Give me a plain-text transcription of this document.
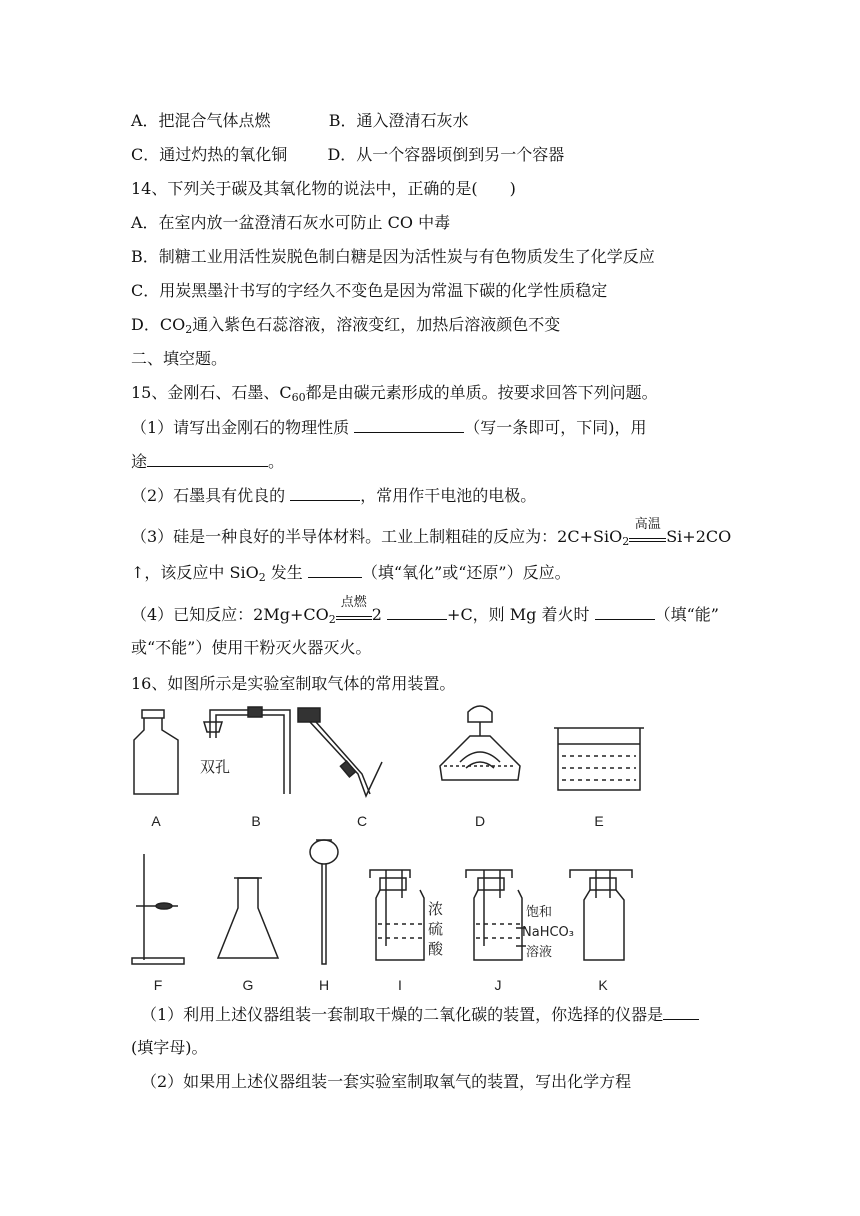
A．把混合气体点燃	B．通入澄清石灰水
C．通过灼热的氧化铜	D．从一个容器顷倒到另一个容器
14、下列关于碳及其氧化物的说法中，正确的是(　　)
A．在室内放一盆澄清石灰水可防止 CO 中毒
B．制糖工业用活性炭脱色制白糖是因为活性炭与有色物质发生了化学反应
C．用炭黑墨汁书写的字经久不变色是因为常温下碳的化学性质稳定
D．$CO_2$通入紫色石蕊溶液，溶液变红，加热后溶液颜色不变
二、填空题。
15、金刚石、石墨、$C_{60}$都是由碳元素形成的单质。按要求回答下列问题。
（1）请写出金刚石的物理性质	（写一条即可，下同)，用
途	。
（2）石墨具有优良的	，常用作干电池的电极。
（3）硅是一种良好的半导体材料。工业上制粗硅的反应为：2C+SiO$_2$
高温
Si+2CO
↑，该反应中 SiO$_2$ 发生	（填“氧化”或“还原”）反应。
（4）已知反应：$2Mg+CO_2$
点燃
2	+C，则 Mg 着火时	（填“能”
或“不能”）使用干粉灭火器灭火。
16、如图所示是实验室制取气体的常用装置。
双孔
A	B	C	D	E
浓
硫
酸
饱和
NaHCO₃
溶液
F	G	H	I	J	K
（1）利用上述仪器组装一套制取干燥的二氧化碳的装置，你选择的仪器是
(填字母)。
（2）如果用上述仪器组装一套实验室制取氧气的装置，写出化学方程
